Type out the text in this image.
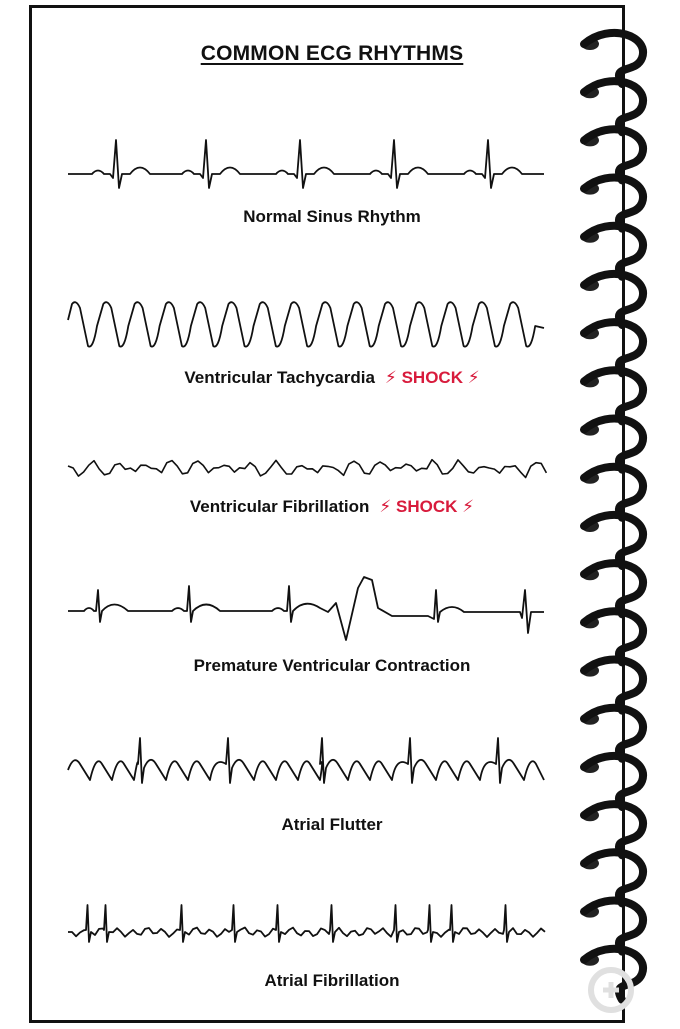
COMMON ECG RHYTHMS
Normal Sinus Rhythm
Ventricular Tachycardia ⚡ SHOCK ⚡
Ventricular Fibrillation ⚡ SHOCK ⚡
Premature Ventricular Contraction
Atrial Flutter
Atrial Fibrillation
